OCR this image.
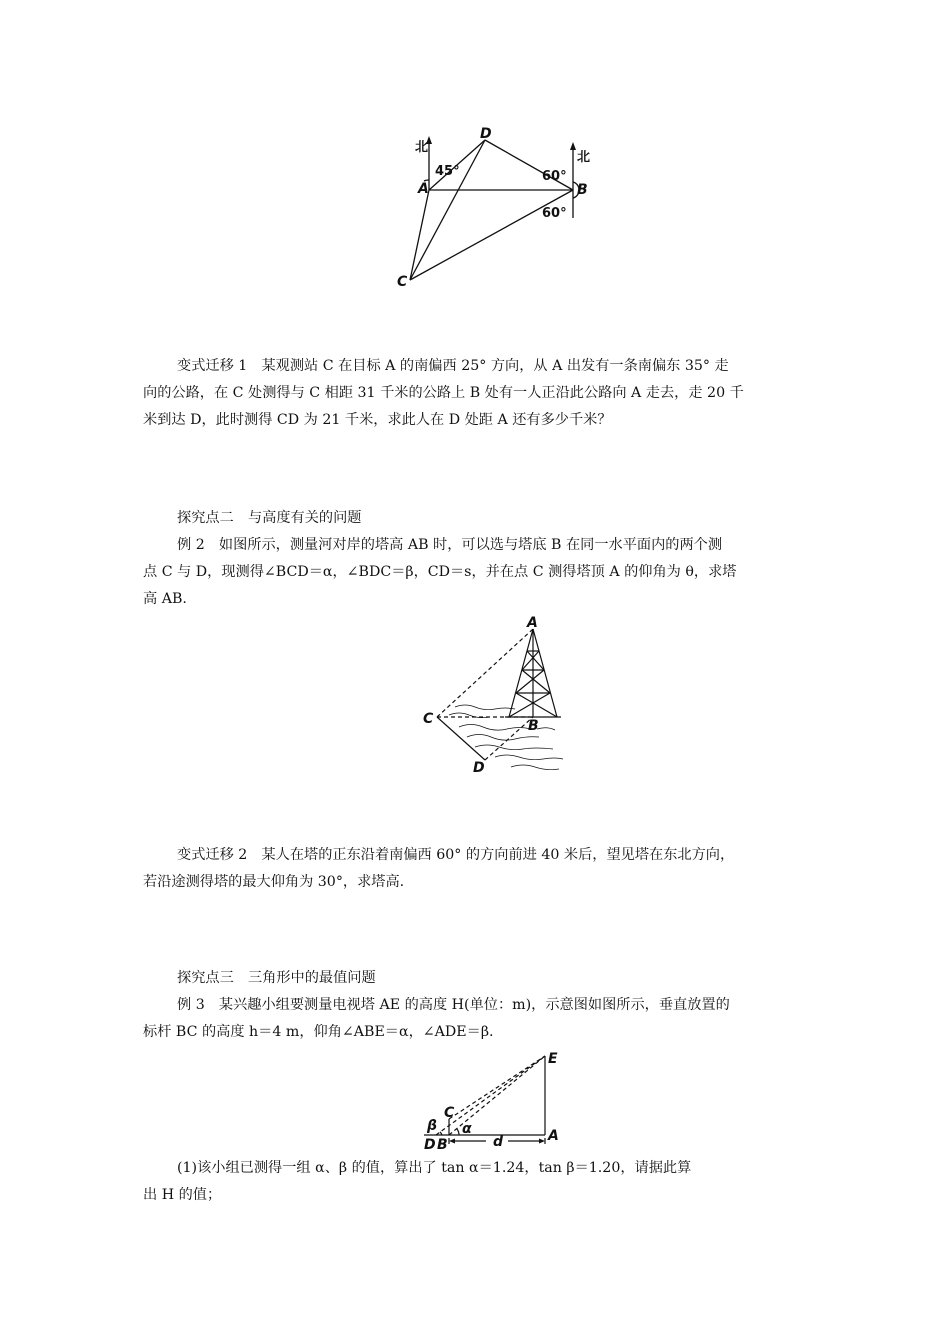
D
A	B
C
北
北
45°	60°
60°

变式迁移 1　某观测站 C 在目标 A 的南偏西 25° 方向，从 A 出发有一条南偏东 35° 走

向的公路，在 C 处测得与 C 相距 31 千米的公路上 B 处有一人正沿此公路向 A 走去，走 20 千

米到达 D，此时测得 CD 为 21 千米，求此人在 D 处距 A 还有多少千米？

探究点二　与高度有关的问题

例 2　如图所示，测量河对岸的塔高 AB 时，可以选与塔底 B 在同一水平面内的两个测

点 C 与 D，现测得∠BCD＝α，∠BDC＝β，CD＝s，并在点 C 测得塔顶 A 的仰角为 θ，求塔

高 AB.

A
B
C
D

变式迁移 2　某人在塔的正东沿着南偏西 60° 的方向前进 40 米后，望见塔在东北方向，

若沿途测得塔的最大仰角为 30°，求塔高.

探究点三　三角形中的最值问题

例 3　某兴趣小组要测量电视塔 AE 的高度 H(单位：m)，示意图如图所示，垂直放置的

标杆 BC 的高度 h＝4 m，仰角∠ABE＝α，∠ADE＝β.

E
C
D B
A
β α
d

(1)该小组已测得一组 α、β 的值，算出了 tan α＝1.24，tan β＝1.20，请据此算

出 H 的值；
